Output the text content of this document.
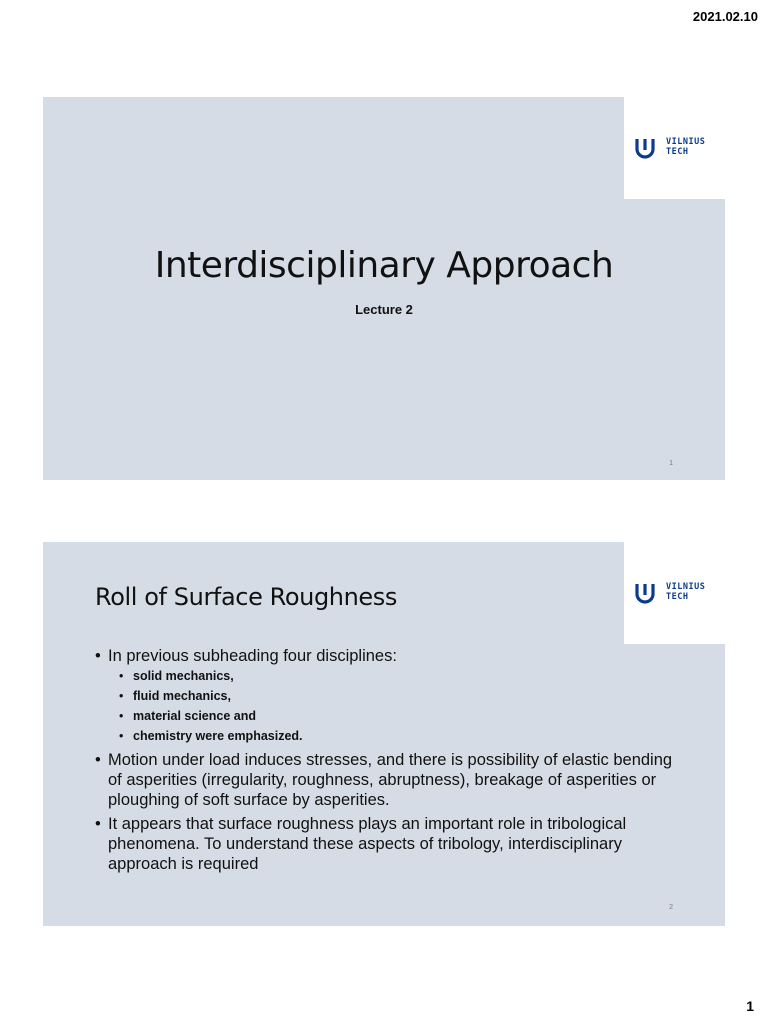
2021.02.10
VILNIUS
TECH
Interdisciplinary Approach
Lecture 2
1
VILNIUS
TECH
Roll of Surface Roughness
• In previous subheading four disciplines:
• solid mechanics,
• fluid mechanics,
• material science and
• chemistry were emphasized.
• Motion under load induces stresses, and there is possibility of elastic bending of asperities (irregularity, roughness, abruptness), breakage of asperities or ploughing of soft surface by asperities.
• It appears that surface roughness plays an important role in tribological phenomena. To understand these aspects of tribology, interdisciplinary approach is required
2
1
